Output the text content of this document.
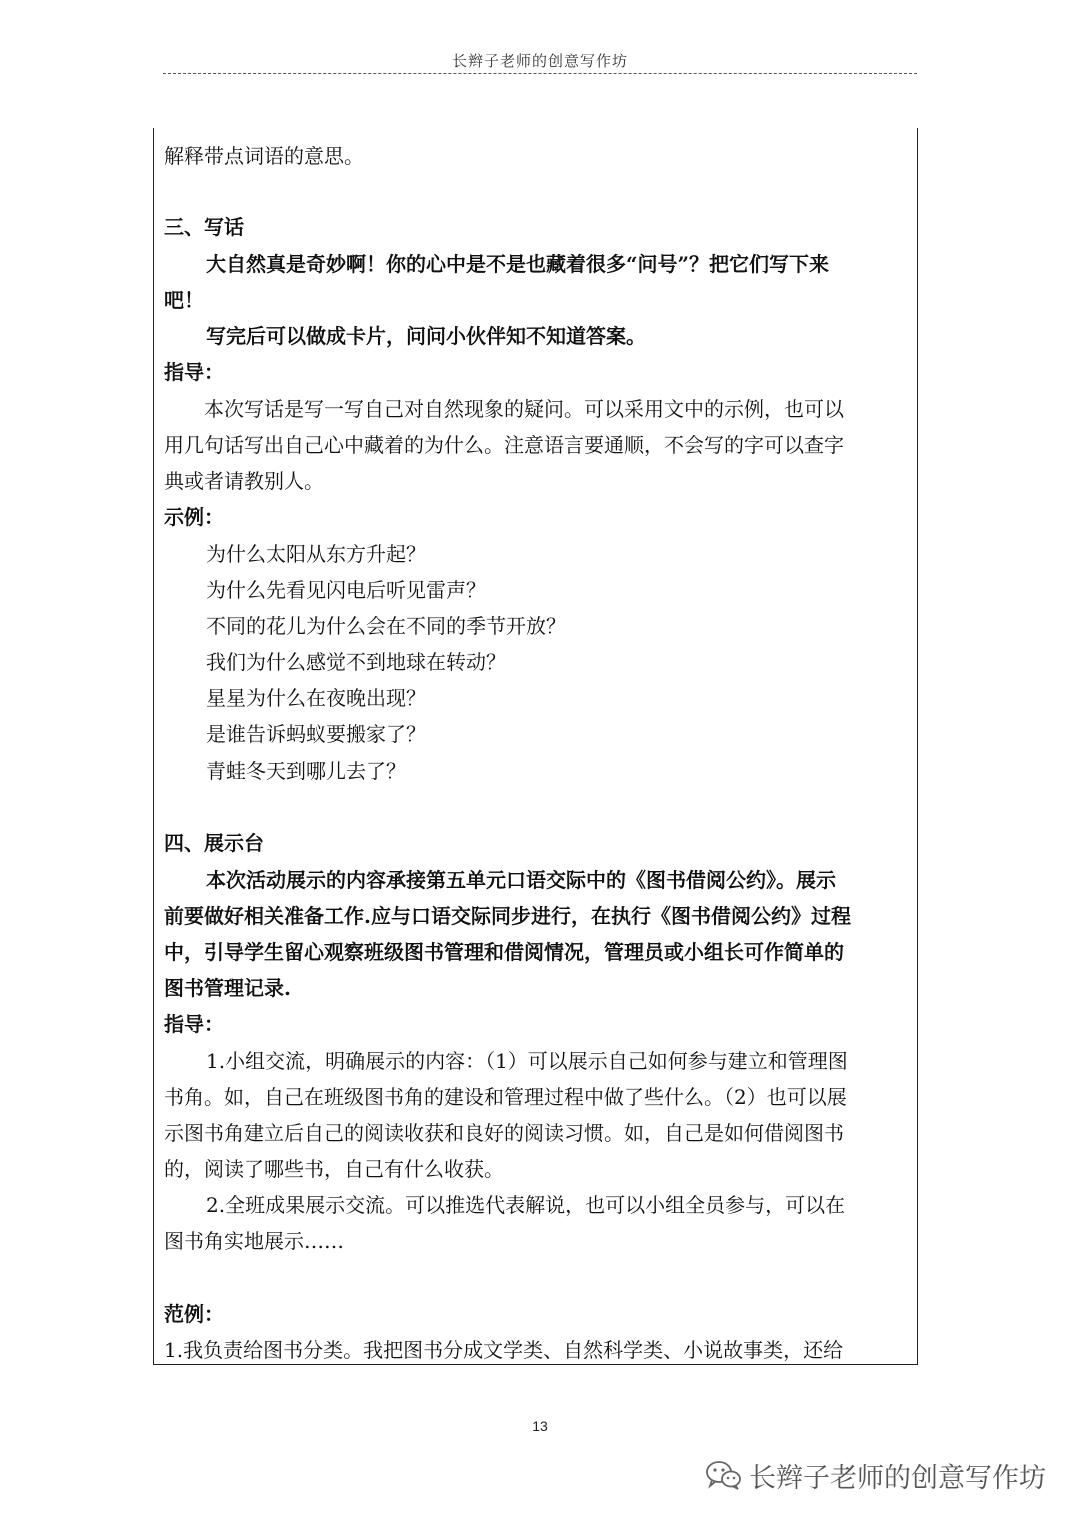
长辫子老师的创意写作坊

解释带点词语的意思。

三、写话

大自然真是奇妙啊！你的心中是不是也藏着很多“问号”？把它们写下来

吧！

写完后可以做成卡片，问问小伙伴知不知道答案。

指导：

本次写话是写一写自己对自然现象的疑问。可以采用文中的示例，也可以

用几句话写出自己心中藏着的为什么。注意语言要通顺，不会写的字可以查字

典或者请教别人。

示例：

为什么太阳从东方升起？

为什么先看见闪电后听见雷声？

不同的花儿为什么会在不同的季节开放？

我们为什么感觉不到地球在转动？

星星为什么在夜晚出现？

是谁告诉蚂蚁要搬家了？

青蛙冬天到哪儿去了？

四、展示台

本次活动展示的内容承接第五单元口语交际中的《图书借阅公约》。展示

前要做好相关准备工作.应与口语交际同步进行，在执行《图书借阅公约》过程

中，引导学生留心观察班级图书管理和借阅情况，管理员或小组长可作简单的

图书管理记录.

指导：

1.小组交流，明确展示的内容：（1）可以展示自己如何参与建立和管理图

书角。如，自己在班级图书角的建设和管理过程中做了些什么。（2）也可以展

示图书角建立后自己的阅读收获和良好的阅读习惯。如，自己是如何借阅图书

的，阅读了哪些书，自己有什么收获。

2.全班成果展示交流。可以推选代表解说，也可以小组全员参与，可以在

图书角实地展示……

范例：

1.我负责给图书分类。我把图书分成文学类、自然科学类、小说故事类，还给

13
长辫子老师的创意写作坊
